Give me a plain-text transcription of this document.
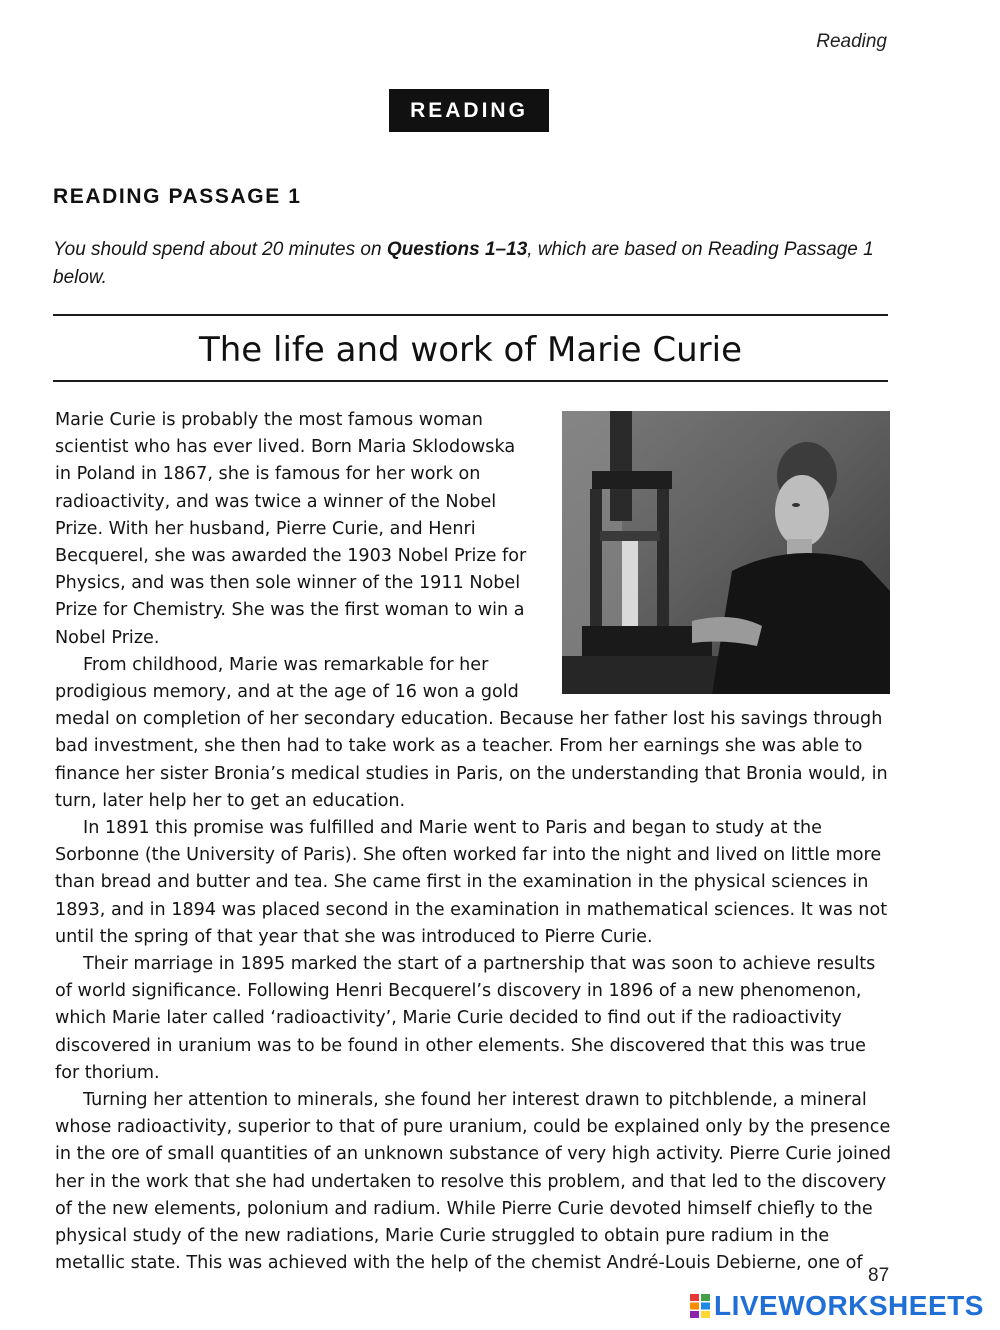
Reading
READING
READING PASSAGE 1
You should spend about 20 minutes on Questions 1–13, which are based on Reading Passage 1 below.
The life and work of Marie Curie

Marie Curie is probably the most famous woman scientist who has ever lived. Born Maria Sklodowska in Poland in 1867, she is famous for her work on radioactivity, and was twice a winner of the Nobel Prize. With her husband, Pierre Curie, and Henri Becquerel, she was awarded the 1903 Nobel Prize for Physics, and was then sole winner of the 1911 Nobel Prize for Chemistry. She was the first woman to win a Nobel Prize.

From childhood, Marie was remarkable for her prodigious memory, and at the age of 16 won a gold

medal on completion of her secondary education. Because her father lost his savings through bad investment, she then had to take work as a teacher. From her earnings she was able to finance her sister Bronia’s medical studies in Paris, on the understanding that Bronia would, in turn, later help her to get an education.

In 1891 this promise was fulfilled and Marie went to Paris and began to study at the Sorbonne (the University of Paris). She often worked far into the night and lived on little more than bread and butter and tea. She came first in the examination in the physical sciences in 1893, and in 1894 was placed second in the examination in mathematical sciences. It was not until the spring of that year that she was introduced to Pierre Curie.

Their marriage in 1895 marked the start of a partnership that was soon to achieve results of world significance. Following Henri Becquerel’s discovery in 1896 of a new phenomenon, which Marie later called ‘radioactivity’, Marie Curie decided to find out if the radioactivity discovered in uranium was to be found in other elements. She discovered that this was true for thorium.

Turning her attention to minerals, she found her interest drawn to pitchblende, a mineral whose radioactivity, superior to that of pure uranium, could be explained only by the presence in the ore of small quantities of an unknown substance of very high activity. Pierre Curie joined her in the work that she had undertaken to resolve this problem, and that led to the discovery of the new elements, polonium and radium. While Pierre Curie devoted himself chiefly to the physical study of the new radiations, Marie Curie struggled to obtain pure radium in the metallic state. This was achieved with the help of the chemist André-Louis Debierne, one of

87
LIVEWORKSHEETS
